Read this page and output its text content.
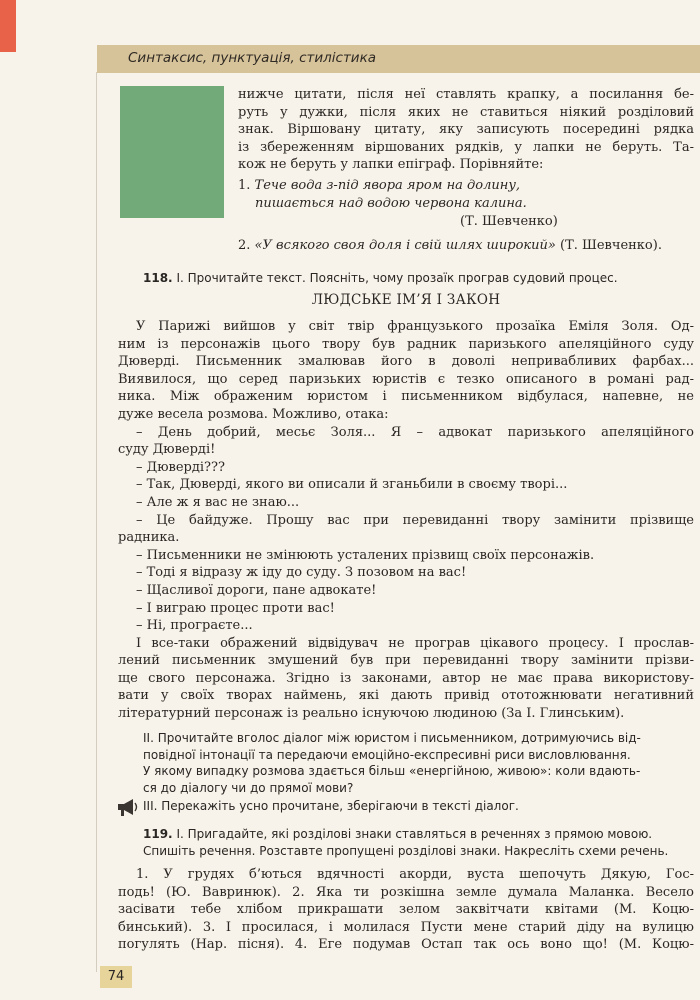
Синтаксис, пунктуація, стилістика
нижче цитати, після неї ставлять крапку, а посилання бе-
руть у дужки, після яких не ставиться ніякий розділовий
знак. Віршовану цитату, яку записують посередині рядка
із збереженням віршованих рядків, у лапки не беруть. Та-
кож не беруть у лапки епіграф. Порівняйте:
1. Тече вода з-під явора яром на долину,
пишається над водою червона калина.
(Т. Шевченко)
2. «У всякого своя доля і свій шлях широкий» (Т. Шевченко).
118. І. Прочитайте текст. Поясніть, чому прозаїк програв судовий процес.
ЛЮДСЬКЕ ІМ’Я І ЗАКОН
У Парижі вийшов у світ твір французького прозаїка Еміля Золя. Од-
ним із персонажів цього твору був радник паризького апеляційного суду
Дюверді. Письменник змалював його в доволі непривабливих фарбах...
Виявилося, що серед паризьких юристів є тезко описаного в романі рад-
ника. Між ображеним юристом і письменником відбулася, напевне, не
дуже весела розмова. Можливо, отака:
– День добрий, месьє Золя... Я – адвокат паризького апеляційного
суду Дюверді!
– Дюверді???
– Так, Дюверді, якого ви описали й зганьбили в своєму творі...
– Але ж я вас не знаю...
– Це байдуже. Прошу вас при перевиданні твору замінити прізвище
радника.
– Письменники не змінюють усталених прізвищ своїх персонажів.
– Тоді я відразу ж іду до суду. З позовом на вас!
– Щасливої дороги, пане адвокате!
– І виграю процес проти вас!
– Ні, програєте...
І все-таки ображений відвідувач не програв цікавого процесу. І прослав-
лений письменник змушений був при перевиданні твору замінити прізви-
ще свого персонажа. Згідно із законами, автор не має права використову-
вати у своїх творах наймень, які дають привід ототожнювати негативний
літературний персонаж із реально існуючою людиною (За І. Глинським).
ІІ. Прочитайте вголос діалог між юристом і письменником, дотримуючись від-
повідної інтонації та передаючи емоційно-експресивні риси висловлювання.
У якому випадку розмова здається більш «енергійною, живою»: коли вдають-
ся до діалогу чи до прямої мови?
ІІІ. Перекажіть усно прочитане, зберігаючи в тексті діалог.
119. І. Пригадайте, які розділові знаки ставляться в реченнях з прямою мовою.
Спишіть речення. Розставте пропущені розділові знаки. Накресліть схеми речень.
1. У грудях б’ються вдячності акорди, вуста шепочуть Дякую, Гос-
подь! (Ю. Вавринюк). 2. Яка ти розкішна земле думала Маланка. Весело
засівати тебе хлібом прикрашати зелом заквітчати квітами (М. Коцю-
бинський). 3. І просилася, і молилася Пусти мене старий діду на вулицю
погулять (Нар. пісня). 4. Еге подумав Остап так ось воно що! (М. Коцю-
74
